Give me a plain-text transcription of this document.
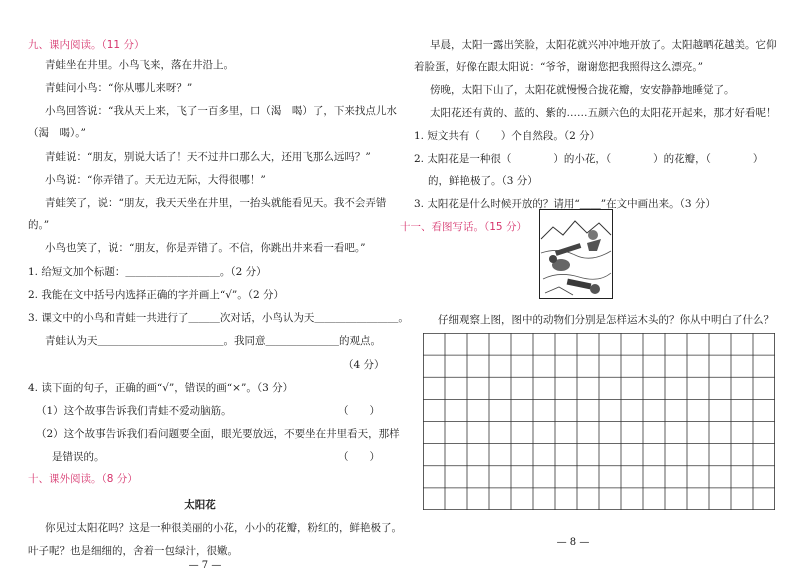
九、课内阅读。（11 分）
青蛙坐在井里。小鸟飞来，落在井沿上。
青蛙问小鸟：“你从哪儿来呀？”
小鸟回答说：“我从天上来，飞了一百多里，口（渴　喝）了，下来找点儿水
（渴　喝）。”
青蛙说：“朋友，别说大话了！天不过井口那么大，还用飞那么远吗？”
小鸟说：“你弄错了。天无边无际，大得很哪！”
青蛙笑了，说：“朋友，我天天坐在井里，一抬头就能看见天。我不会弄错
的。”
小鸟也笑了，说：“朋友，你是弄错了。不信，你跳出井来看一看吧。”
1. 给短文加个标题：＿＿＿＿＿＿＿＿＿。（2 分）
2. 我能在文中括号内选择正确的字并画上“√”。（2 分）
3. 课文中的小鸟和青蛙一共进行了＿＿＿次对话，小鸟认为天＿＿＿＿＿＿＿＿。
青蛙认为天＿＿＿＿＿＿＿＿＿＿＿＿。我同意＿＿＿＿＿＿＿的观点。
（4 分）
4. 读下面的句子，正确的画“√”，错误的画“×”。（3 分）
（1）这个故事告诉我们青蛙不爱动脑筋。	（　　）
（2）这个故事告诉我们看问题要全面，眼光要放远，不要坐在井里看天，那样
是错误的。	（　　）
十、课外阅读。（8 分）
太阳花
你见过太阳花吗？这是一种很美丽的小花，小小的花瓣，粉红的，鲜艳极了。
叶子呢？也是细细的，舍着一包绿汁，很嫩。
— 7 —
早晨，太阳一露出笑脸，太阳花就兴冲冲地开放了。太阳越晒花越美。它仰
着脸蛋，好像在跟太阳说：“爷爷，谢谢您把我照得这么漂亮。”
傍晚，太阳下山了，太阳花就慢慢合拢花瓣，安安静静地睡觉了。
太阳花还有黄的、蓝的、紫的……五颜六色的太阳花开起来，那才好看呢！
1. 短文共有（　　）个自然段。（2 分）
2. 太阳花是一种很（　　　　）的小花，（　　　　）的花瓣，（　　　　）
的，鲜艳极了。（3 分）
3. 太阳花是什么时候开放的？请用“＿＿”在文中画出来。（3 分）
十一、看图写话。（15 分）
仔细观察上图，图中的动物们分别是怎样运木头的？你从中明白了什么？
— 8 —
